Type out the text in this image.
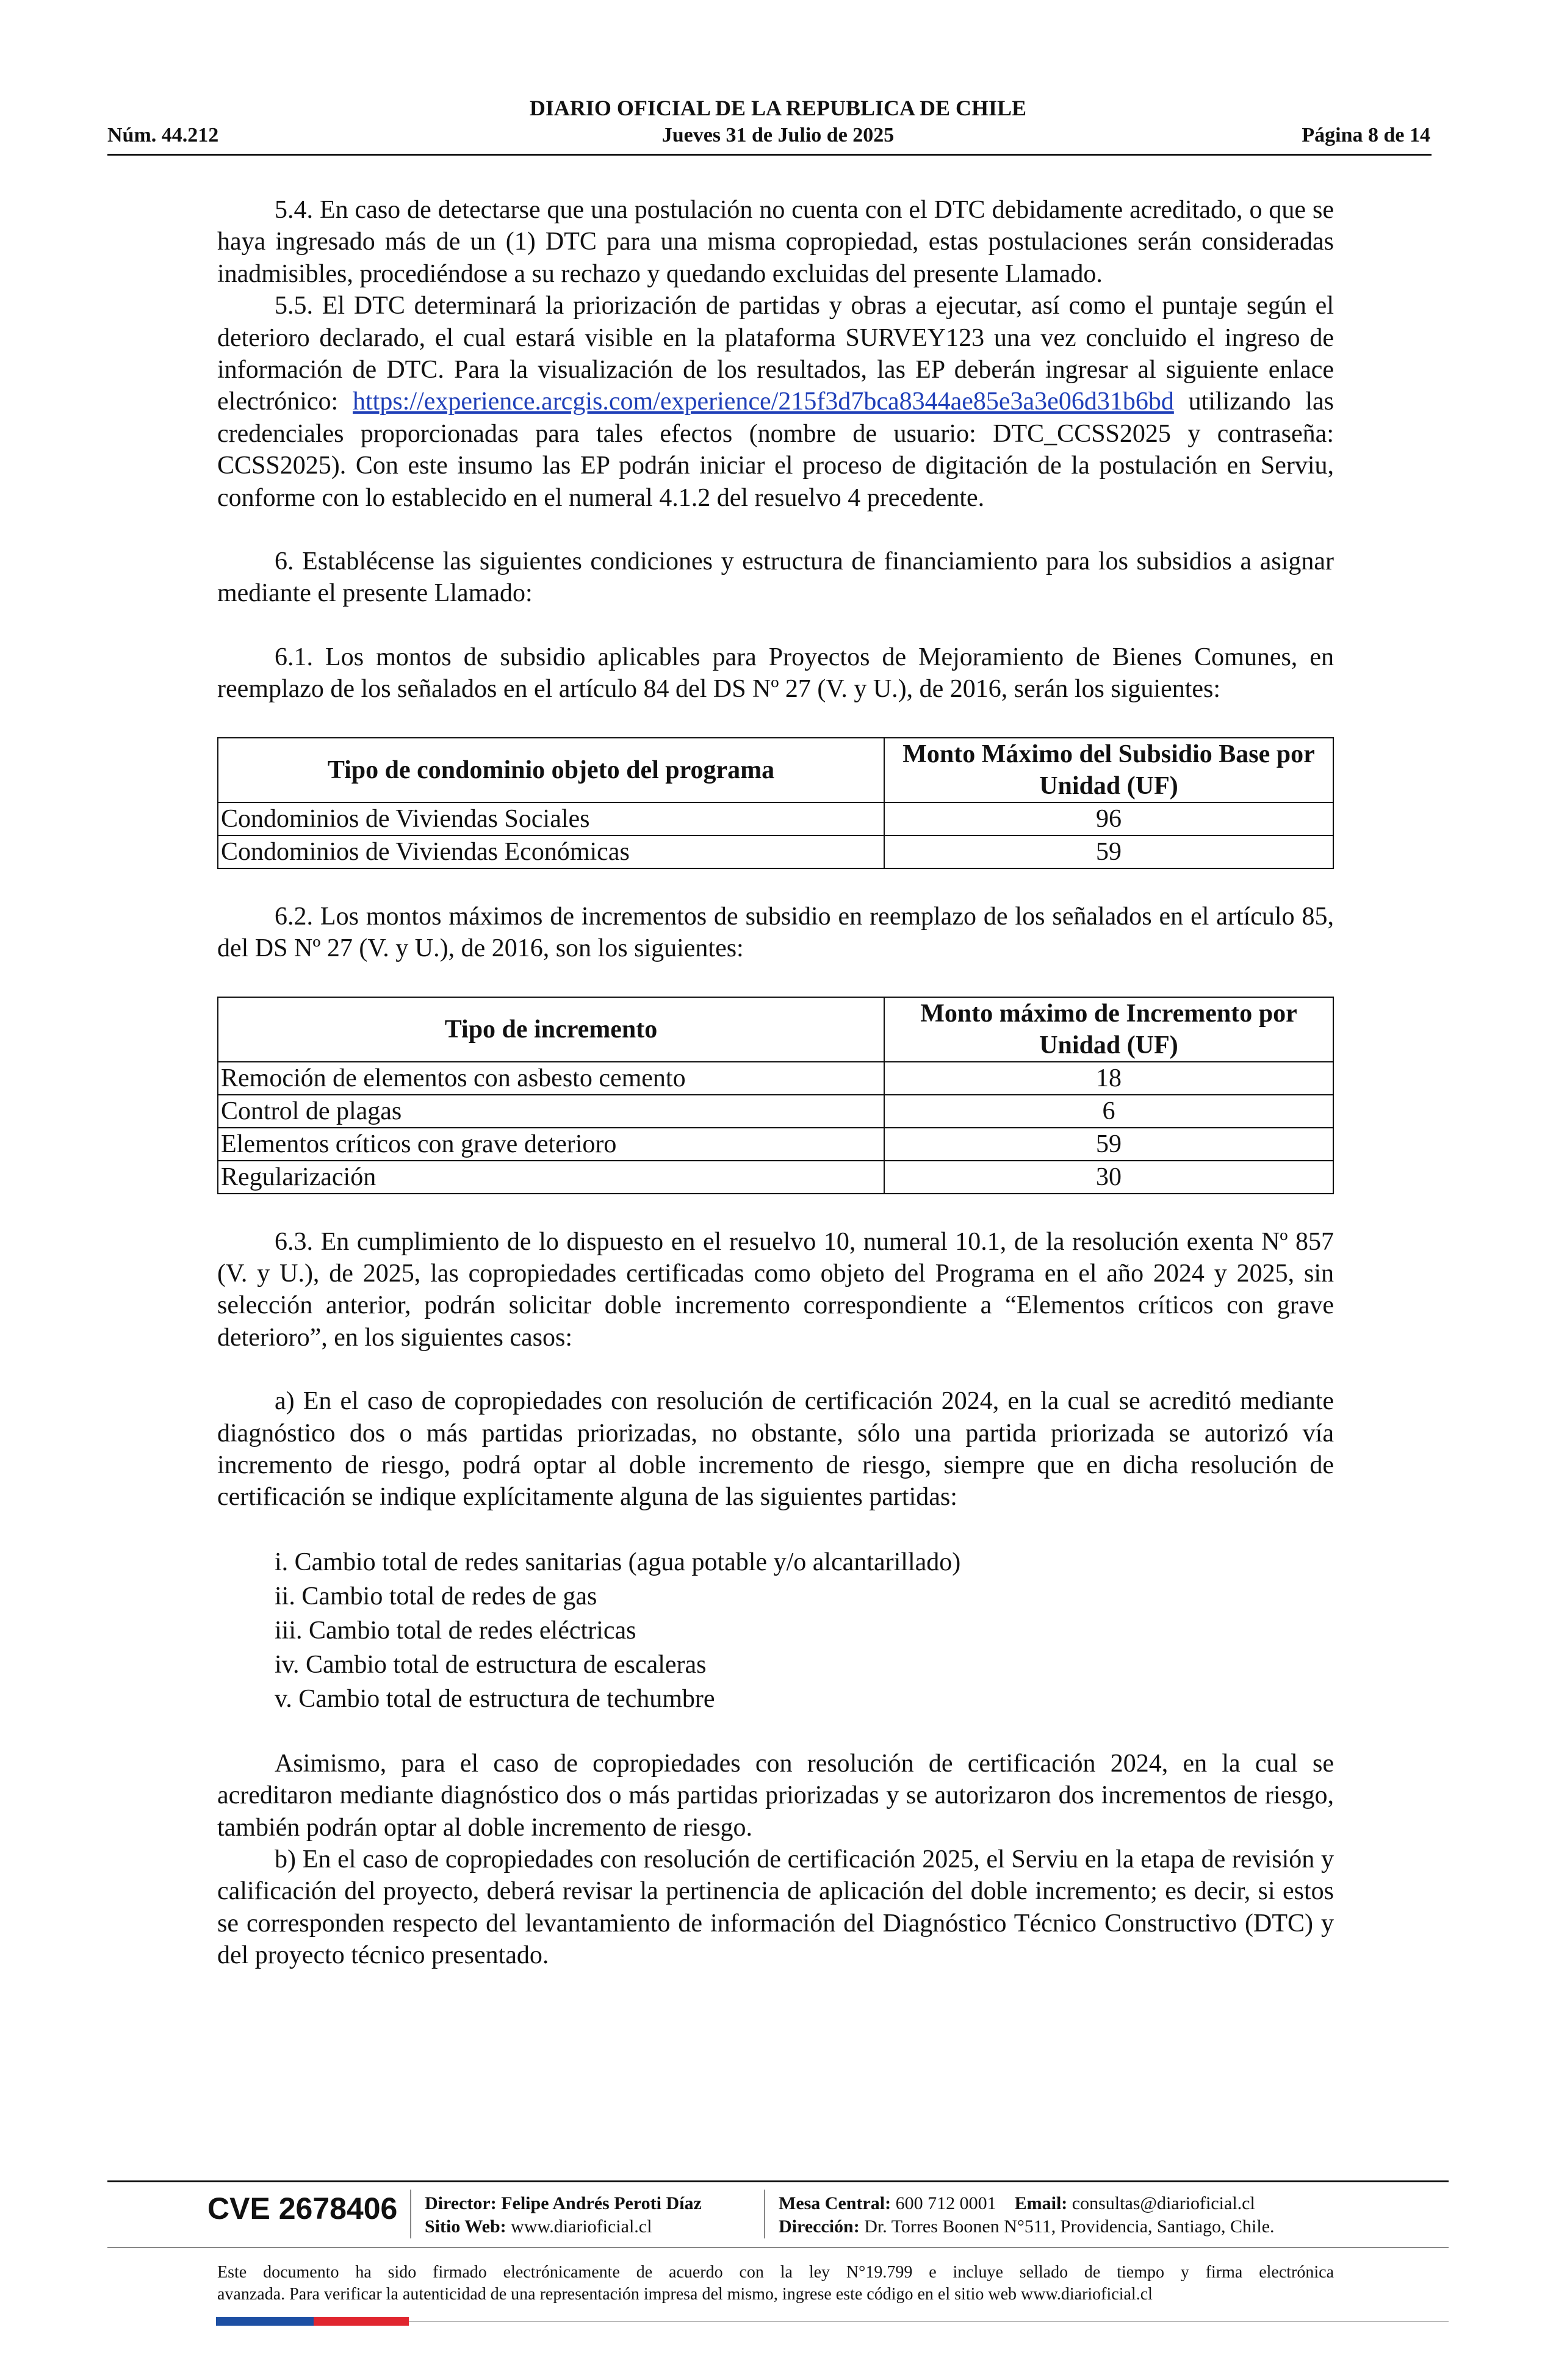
DIARIO OFICIAL DE LA REPUBLICA DE CHILE
Núm. 44.212	Jueves 31 de Julio de 2025	Página 8 de 14

5.4. En caso de detectarse que una postulación no cuenta con el DTC debidamente acreditado, o que se haya ingresado más de un (1) DTC para una misma copropiedad, estas postulaciones serán consideradas inadmisibles, procediéndose a su rechazo y quedando excluidas del presente Llamado.

5.5. El DTC determinará la priorización de partidas y obras a ejecutar, así como el puntaje según el deterioro declarado, el cual estará visible en la plataforma SURVEY123 una vez concluido el ingreso de información de DTC. Para la visualización de los resultados, las EP deberán ingresar al siguiente enlace electrónico: https://experience.arcgis.com/experience/215f3d7bca8344ae85e3a3e06d31b6bd utilizando las credenciales proporcionadas para tales efectos (nombre de usuario: DTC_CCSS2025 y contraseña: CCSS2025). Con este insumo las EP podrán iniciar el proceso de digitación de la postulación en Serviu, conforme con lo establecido en el numeral 4.1.2 del resuelvo 4 precedente.

6. Establécense las siguientes condiciones y estructura de financiamiento para los subsidios a asignar mediante el presente Llamado:

6.1. Los montos de subsidio aplicables para Proyectos de Mejoramiento de Bienes Comunes, en reemplazo de los señalados en el artículo 84 del DS Nº 27 (V. y U.), de 2016, serán los siguientes:

Tipo de condominio objeto del programa	Monto Máximo del Subsidio Base por Unidad (UF)
Condominios de Viviendas Sociales	96
Condominios de Viviendas Económicas	59

6.2. Los montos máximos de incrementos de subsidio en reemplazo de los señalados en el artículo 85, del DS Nº 27 (V. y U.), de 2016, son los siguientes:

Tipo de incremento	Monto máximo de Incremento por Unidad (UF)
Remoción de elementos con asbesto cemento	18
Control de plagas	6
Elementos críticos con grave deterioro	59
Regularización	30

6.3. En cumplimiento de lo dispuesto en el resuelvo 10, numeral 10.1, de la resolución exenta Nº 857 (V. y U.), de 2025, las copropiedades certificadas como objeto del Programa en el año 2024 y 2025, sin selección anterior, podrán solicitar doble incremento correspondiente a “Elementos críticos con grave deterioro”, en los siguientes casos:

a) En el caso de copropiedades con resolución de certificación 2024, en la cual se acreditó mediante diagnóstico dos o más partidas priorizadas, no obstante, sólo una partida priorizada se autorizó vía incremento de riesgo, podrá optar al doble incremento de riesgo, siempre que en dicha resolución de certificación se indique explícitamente alguna de las siguientes partidas:

i. Cambio total de redes sanitarias (agua potable y/o alcantarillado)
ii. Cambio total de redes de gas
iii. Cambio total de redes eléctricas
iv. Cambio total de estructura de escaleras
v. Cambio total de estructura de techumbre

Asimismo, para el caso de copropiedades con resolución de certificación 2024, en la cual se acreditaron mediante diagnóstico dos o más partidas priorizadas y se autorizaron dos incrementos de riesgo, también podrán optar al doble incremento de riesgo.

b) En el caso de copropiedades con resolución de certificación 2025, el Serviu en la etapa de revisión y calificación del proyecto, deberá revisar la pertinencia de aplicación del doble incremento; es decir, si estos se corresponden respecto del levantamiento de información del Diagnóstico Técnico Constructivo (DTC) y del proyecto técnico presentado.

CVE 2678406 Director: Felipe Andrés Peroti Díaz
Sitio Web: www.diarioficial.cl
Mesa Central: 600 712 0001 Email: consultas@diarioficial.cl
Dirección: Dr. Torres Boonen N°511, Providencia, Santiago, Chile.
Este documento ha sido firmado electrónicamente de acuerdo con la ley N°19.799 e incluye sellado de tiempo y firma electrónica
avanzada. Para verificar la autenticidad de una representación impresa del mismo, ingrese este código en el sitio web www.diarioficial.cl
